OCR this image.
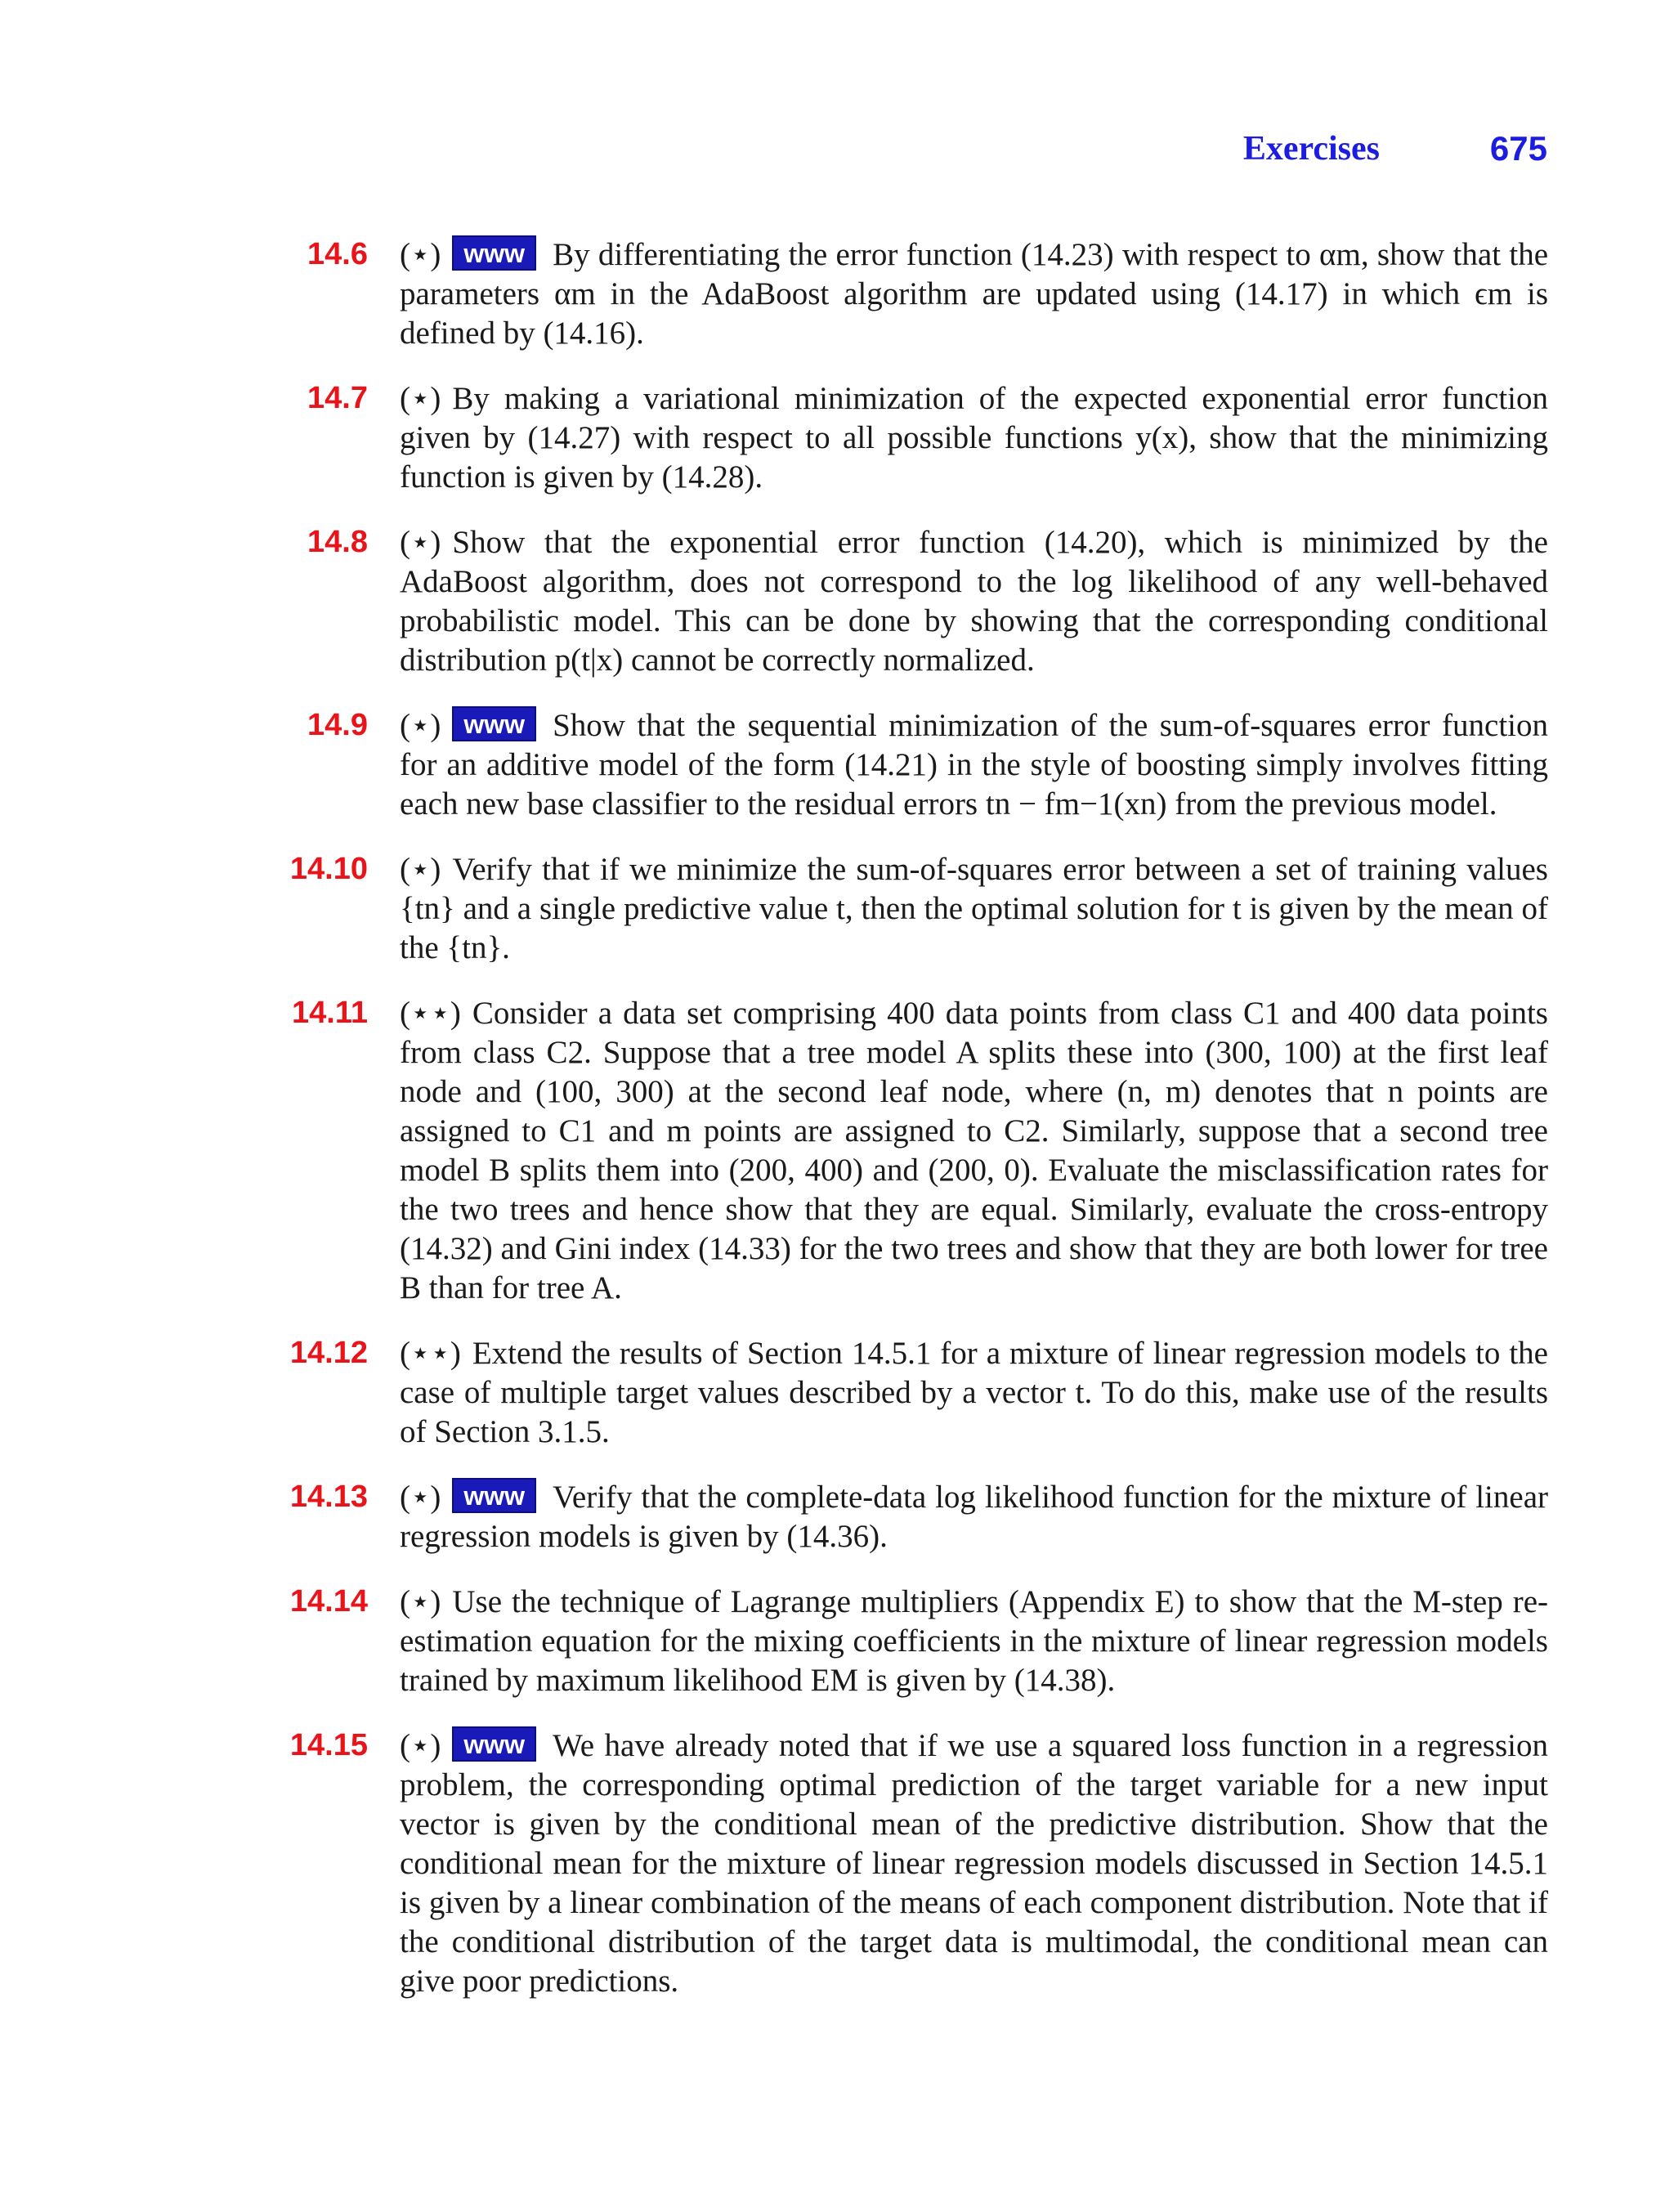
Exercises	675
14.6 (⋆) www By differentiating the error function (14.23) with respect to αm, show that the parameters αm in the AdaBoost algorithm are updated using (14.17) in which ϵm is defined by (14.16).
14.7 (⋆) By making a variational minimization of the expected exponential error function given by (14.27) with respect to all possible functions y(x), show that the minimizing function is given by (14.28).
14.8 (⋆) Show that the exponential error function (14.20), which is minimized by the AdaBoost algorithm, does not correspond to the log likelihood of any well-behaved probabilistic model. This can be done by showing that the corresponding conditional distribution p(t|x) cannot be correctly normalized.
14.9 (⋆) www Show that the sequential minimization of the sum-of-squares error function for an additive model of the form (14.21) in the style of boosting simply involves fitting each new base classifier to the residual errors tn − fm−1(xn) from the previous model.
14.10 (⋆) Verify that if we minimize the sum-of-squares error between a set of training values {tn} and a single predictive value t, then the optimal solution for t is given by the mean of the {tn}.
14.11 (⋆⋆) Consider a data set comprising 400 data points from class C1 and 400 data points from class C2. Suppose that a tree model A splits these into (300, 100) at the first leaf node and (100, 300) at the second leaf node, where (n, m) denotes that n points are assigned to C1 and m points are assigned to C2. Similarly, suppose that a second tree model B splits them into (200, 400) and (200, 0). Evaluate the misclassification rates for the two trees and hence show that they are equal. Similarly, evaluate the cross-entropy (14.32) and Gini index (14.33) for the two trees and show that they are both lower for tree B than for tree A.
14.12 (⋆⋆) Extend the results of Section 14.5.1 for a mixture of linear regression models to the case of multiple target values described by a vector t. To do this, make use of the results of Section 3.1.5.
14.13 (⋆) www Verify that the complete-data log likelihood function for the mixture of linear regression models is given by (14.36).
14.14 (⋆) Use the technique of Lagrange multipliers (Appendix E) to show that the M-step re-estimation equation for the mixing coefficients in the mixture of linear regression models trained by maximum likelihood EM is given by (14.38).
14.15 (⋆) www We have already noted that if we use a squared loss function in a regression problem, the corresponding optimal prediction of the target variable for a new input vector is given by the conditional mean of the predictive distribution. Show that the conditional mean for the mixture of linear regression models discussed in Section 14.5.1 is given by a linear combination of the means of each component distribution. Note that if the conditional distribution of the target data is multimodal, the conditional mean can give poor predictions.
